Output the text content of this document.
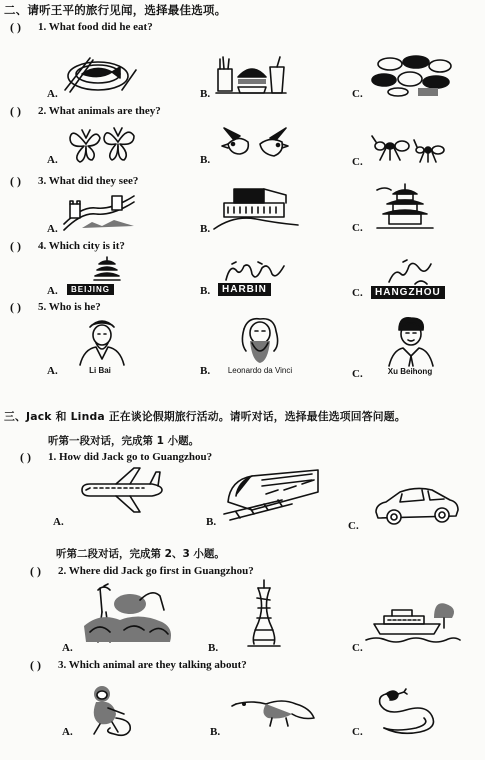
二、请听王平的旅行见闻，选择最佳选项。
( ) 1. What food did he eat?
A.	B.	C.
( ) 2. What animals are they?
A.	B.	C.
( ) 3. What did they see?
A.	B.	C.
( ) 4. Which city is it?
A.	B.	C.
BEIJING	HARBIN	HANGZHOU
( ) 5. Who is he?
A.	B.	C.
Li Bai	Leonardo da Vinci	Xu Beihong
三、Jack 和 Linda 正在谈论假期旅行活动。请听对话，选择最佳选项回答问题。
听第一段对话，完成第 1 小题。
( ) 1. How did Jack go to Guangzhou?
A.	B.	C.
听第二段对话，完成第 2、3 小题。
( ) 2. Where did Jack go first in Guangzhou?
A.	B.	C.
( ) 3. Which animal are they talking about?
A.	B.	C.
